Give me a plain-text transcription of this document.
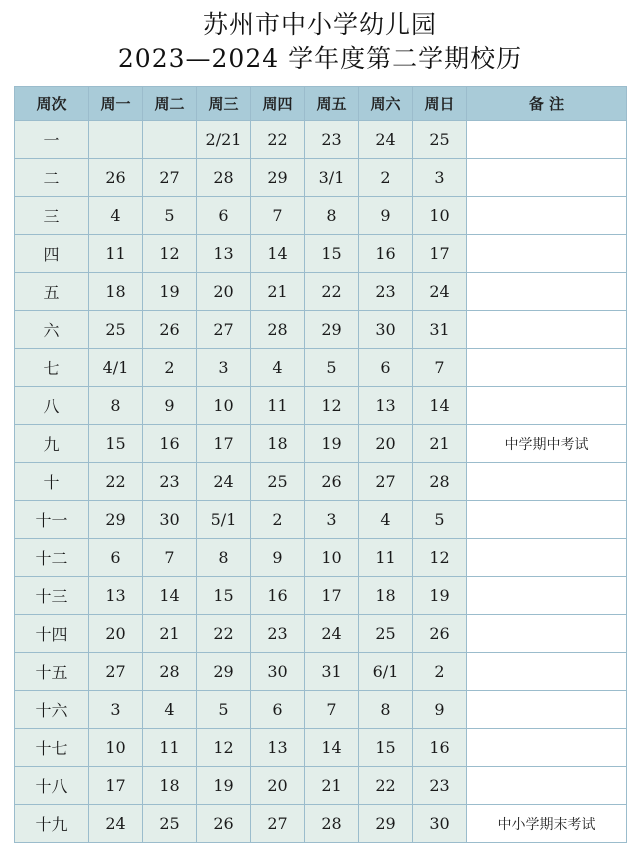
苏州市中小学幼儿园
2023—2024 学年度第二学期校历
周次	周一	周二	周三	周四	周五	周六	周日	备 注
一			2/21	22	23	24	25	
二	26	27	28	29	3/1	2	3	
三	4	5	6	7	8	9	10	
四	11	12	13	14	15	16	17	
五	18	19	20	21	22	23	24	
六	25	26	27	28	29	30	31	
七	4/1	2	3	4	5	6	7	
八	8	9	10	11	12	13	14	
九	15	16	17	18	19	20	21	中学期中考试
十	22	23	24	25	26	27	28	
十一	29	30	5/1	2	3	4	5	
十二	6	7	8	9	10	11	12	
十三	13	14	15	16	17	18	19	
十四	20	21	22	23	24	25	26	
十五	27	28	29	30	31	6/1	2	
十六	3	4	5	6	7	8	9	
十七	10	11	12	13	14	15	16	
十八	17	18	19	20	21	22	23	
十九	24	25	26	27	28	29	30	中小学期末考试
